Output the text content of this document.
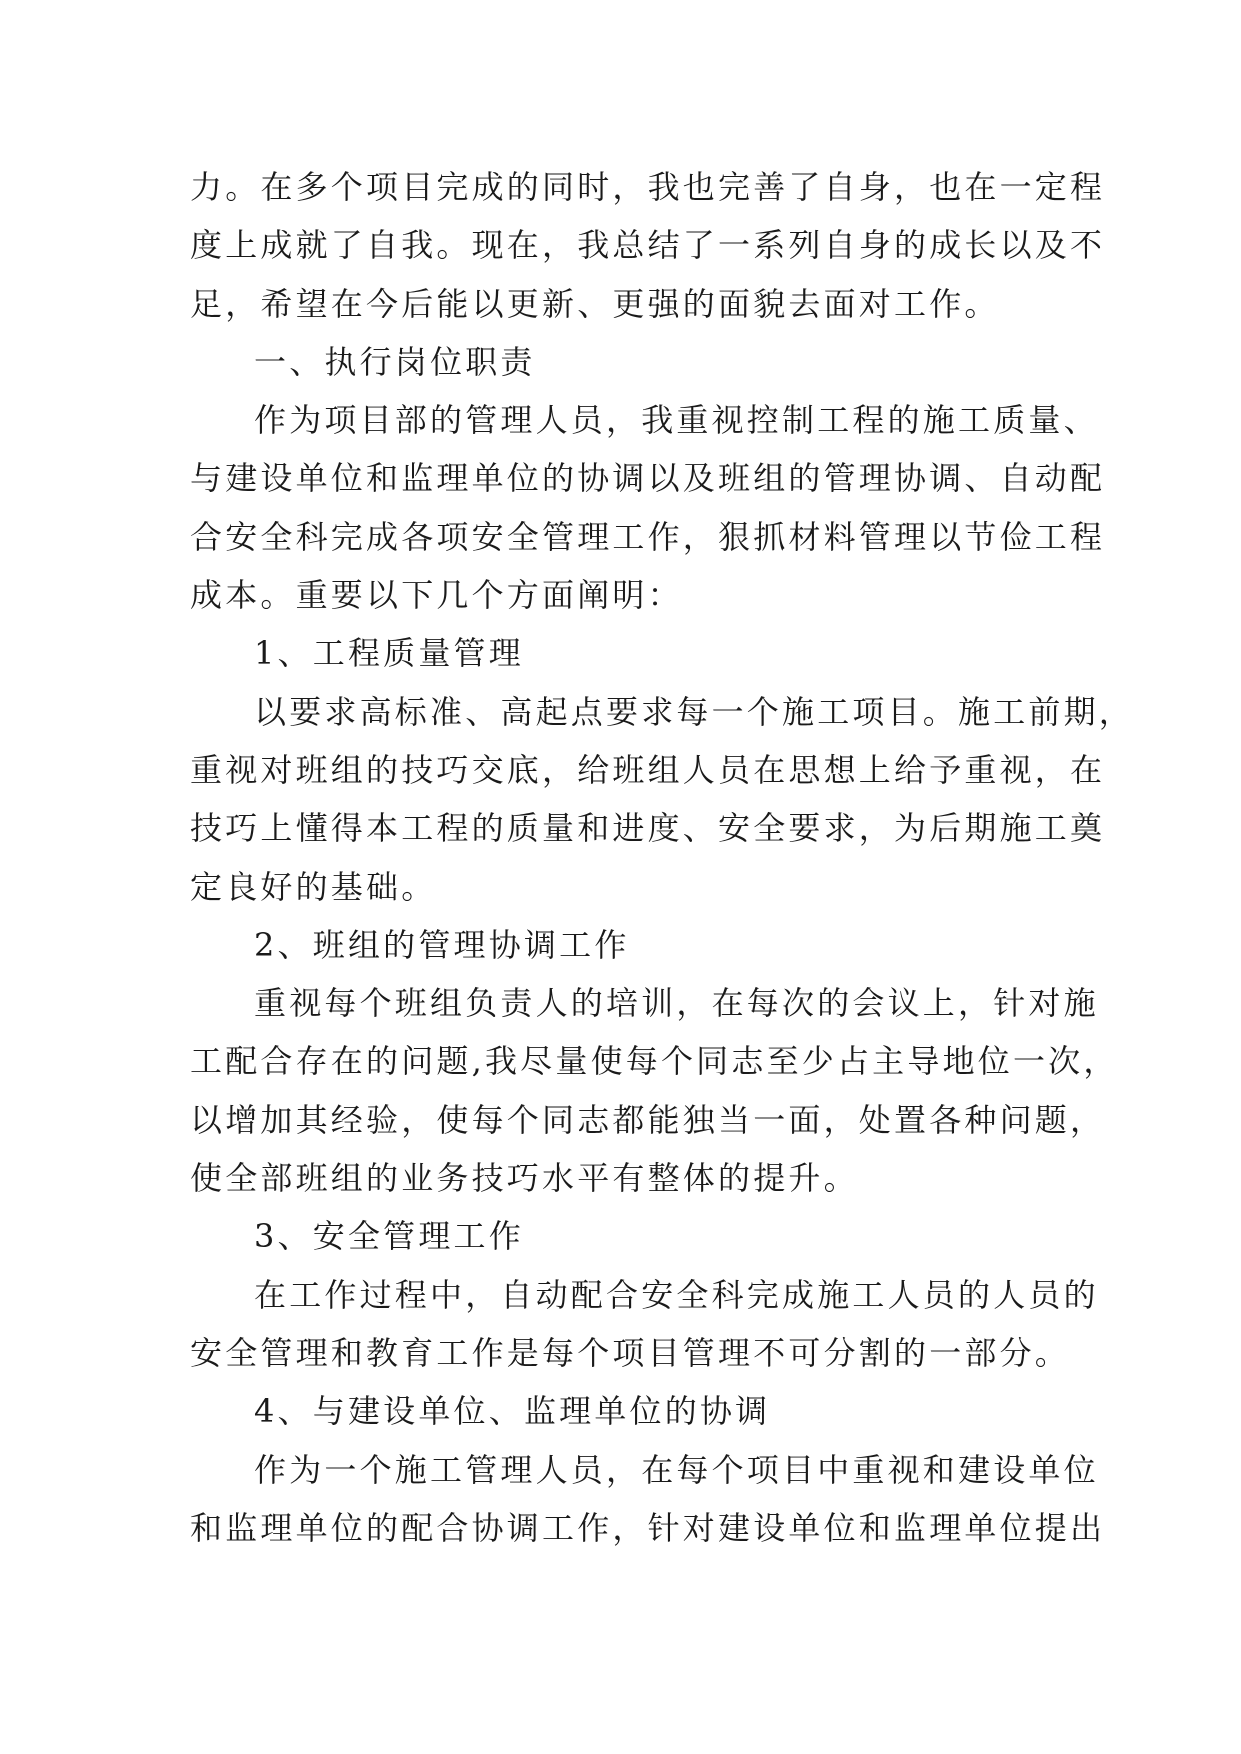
力。在多个项目完成的同时，我也完善了自身，也在一定程
度上成就了自我。现在，我总结了一系列自身的成长以及不
足，希望在今后能以更新、更强的面貌去面对工作。
一、执行岗位职责
作为项目部的管理人员，我重视控制工程的施工质量、
与建设单位和监理单位的协调以及班组的管理协调、自动配
合安全科完成各项安全管理工作，狠抓材料管理以节俭工程
成本。重要以下几个方面阐明：
1、工程质量管理
以要求高标准、高起点要求每一个施工项目。施工前期，
重视对班组的技巧交底，给班组人员在思想上给予重视，在
技巧上懂得本工程的质量和进度、安全要求，为后期施工奠
定良好的基础。
2、班组的管理协调工作
重视每个班组负责人的培训，在每次的会议上，针对施
工配合存在的问题,我尽量使每个同志至少占主导地位一次，
以增加其经验，使每个同志都能独当一面，处置各种问题，
使全部班组的业务技巧水平有整体的提升。
3、安全管理工作
在工作过程中，自动配合安全科完成施工人员的人员的
安全管理和教育工作是每个项目管理不可分割的一部分。
4、与建设单位、监理单位的协调
作为一个施工管理人员，在每个项目中重视和建设单位
和监理单位的配合协调工作，针对建设单位和监理单位提出
